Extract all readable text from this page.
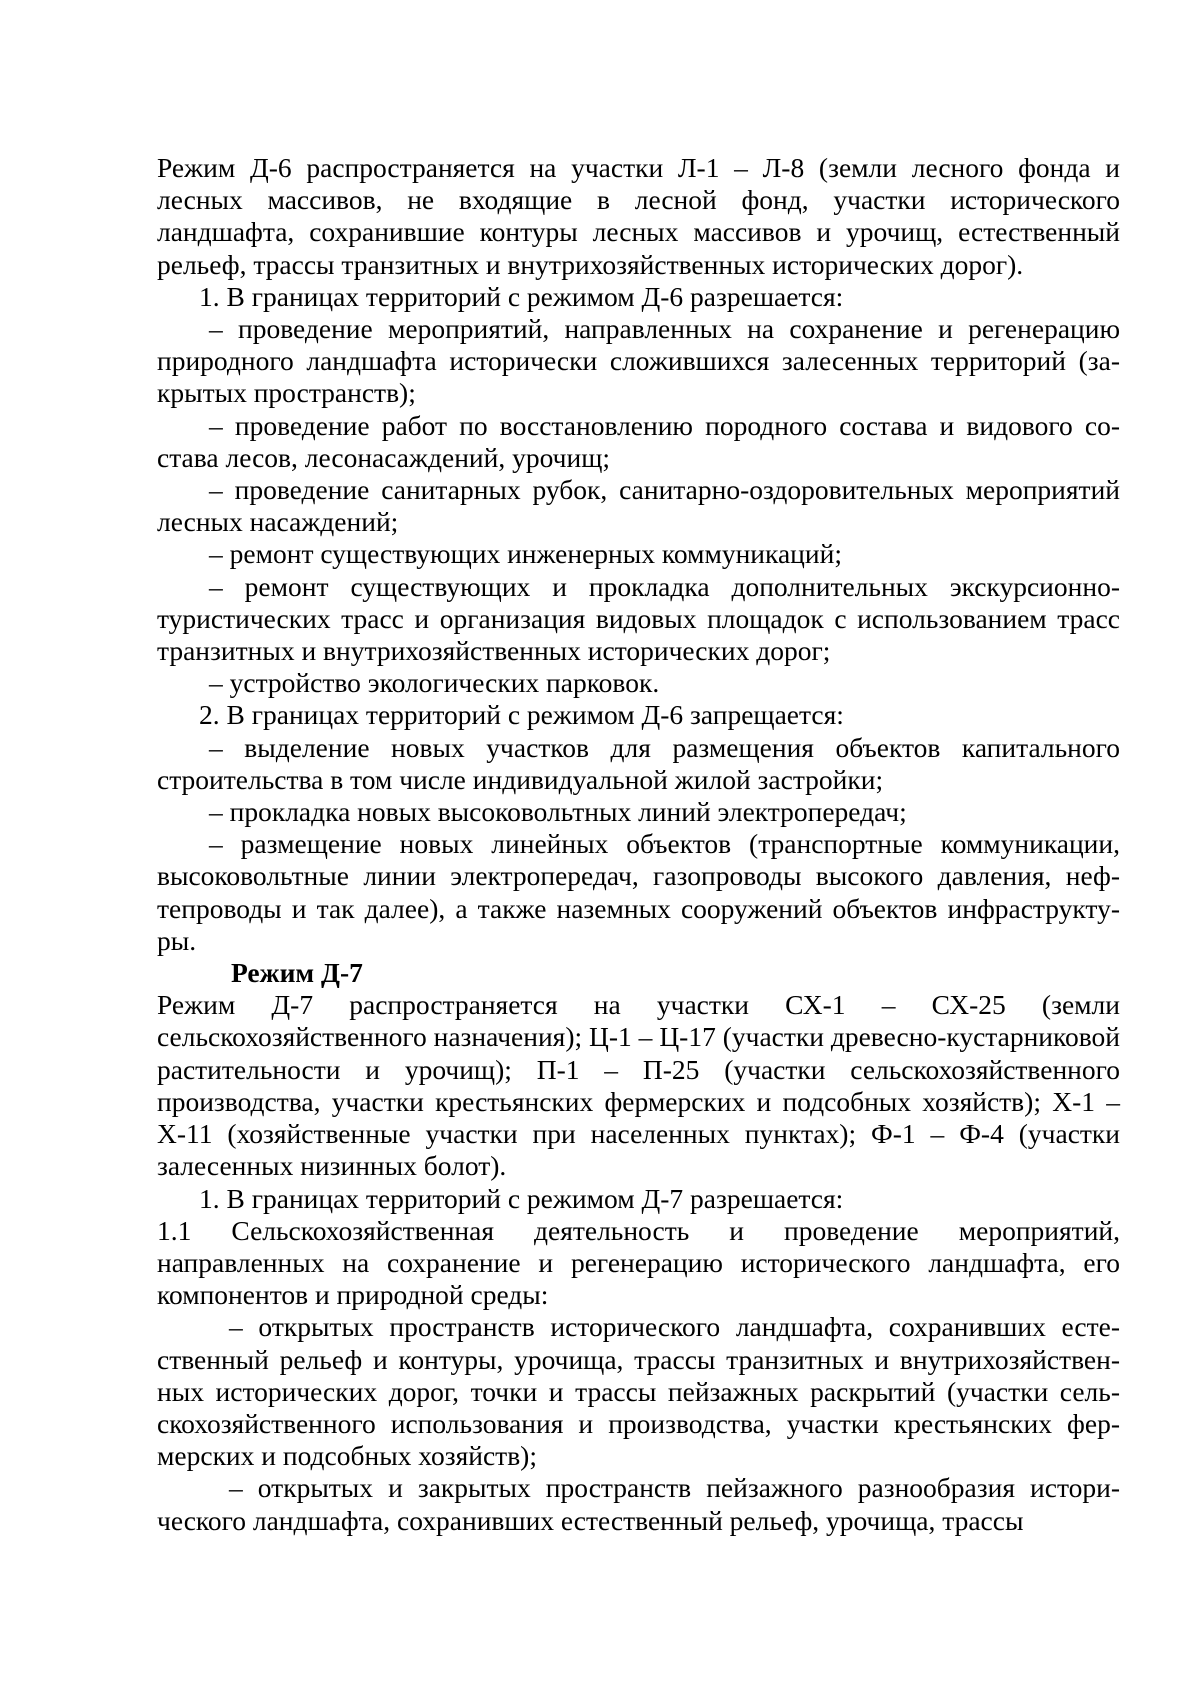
Режим Д-6 распространяется на участки Л-1 – Л-8 (земли лесного фонда и лесных массивов, не входящие в лесной фонд, участки исторического ландшафта, сохранившие контуры лесных массивов и урочищ, естественный рельеф, трассы транзитных и внутрихозяйственных исторических дорог).

1. В границах территорий с режимом Д-6 разрешается:

– проведение мероприятий, направленных на сохранение и регенерацию природного ландшафта исторически сложившихся залесенных территорий (закрытых пространств);

– проведение работ по восстановлению породного состава и видового состава лесов, лесонасаждений, урочищ;

– проведение санитарных рубок, санитарно-оздоровительных мероприятий лесных насаждений;

– ремонт существующих инженерных коммуникаций;

– ремонт существующих и прокладка дополнительных экскурсионно-туристических трасс и организация видовых площадок с использованием трасс транзитных и внутрихозяйственных исторических дорог;

– устройство экологических парковок.

2. В границах территорий с режимом Д-6 запрещается:

– выделение новых участков для размещения объектов капитального строительства в том числе индивидуальной жилой застройки;

– прокладка новых высоковольтных линий электропередач;

– размещение новых линейных объектов (транспортные коммуникации, высоковольтные линии электропередач, газопроводы высокого давления, нефтепроводы и так далее), а также наземных сооружений объектов инфраструктуры.

Режим Д-7

Режим Д-7 распространяется на участки СХ-1 – СХ-25 (земли сельскохозяйственного назначения); Ц-1 – Ц-17 (участки древесно-кустарниковой растительности и урочищ); П-1 – П-25 (участки сельскохозяйственного производства, участки крестьянских фермерских и подсобных хозяйств); Х-1 – Х-11 (хозяйственные участки при населенных пунктах); Ф-1 – Ф-4 (участки залесенных низинных болот).

1. В границах территорий с режимом Д-7 разрешается:

1.1 Сельскохозяйственная деятельность и проведение мероприятий, направленных на сохранение и регенерацию исторического ландшафта, его компонентов и природной среды:

– открытых пространств исторического ландшафта, сохранивших естественный рельеф и контуры, урочища, трассы транзитных и внутрихозяйственных исторических дорог, точки и трассы пейзажных раскрытий (участки сельскохозяйственного использования и производства, участки крестьянских фермерских и подсобных хозяйств);

– открытых и закрытых пространств пейзажного разнообразия исторического ландшафта, сохранивших естественный рельеф, урочища, трассы
